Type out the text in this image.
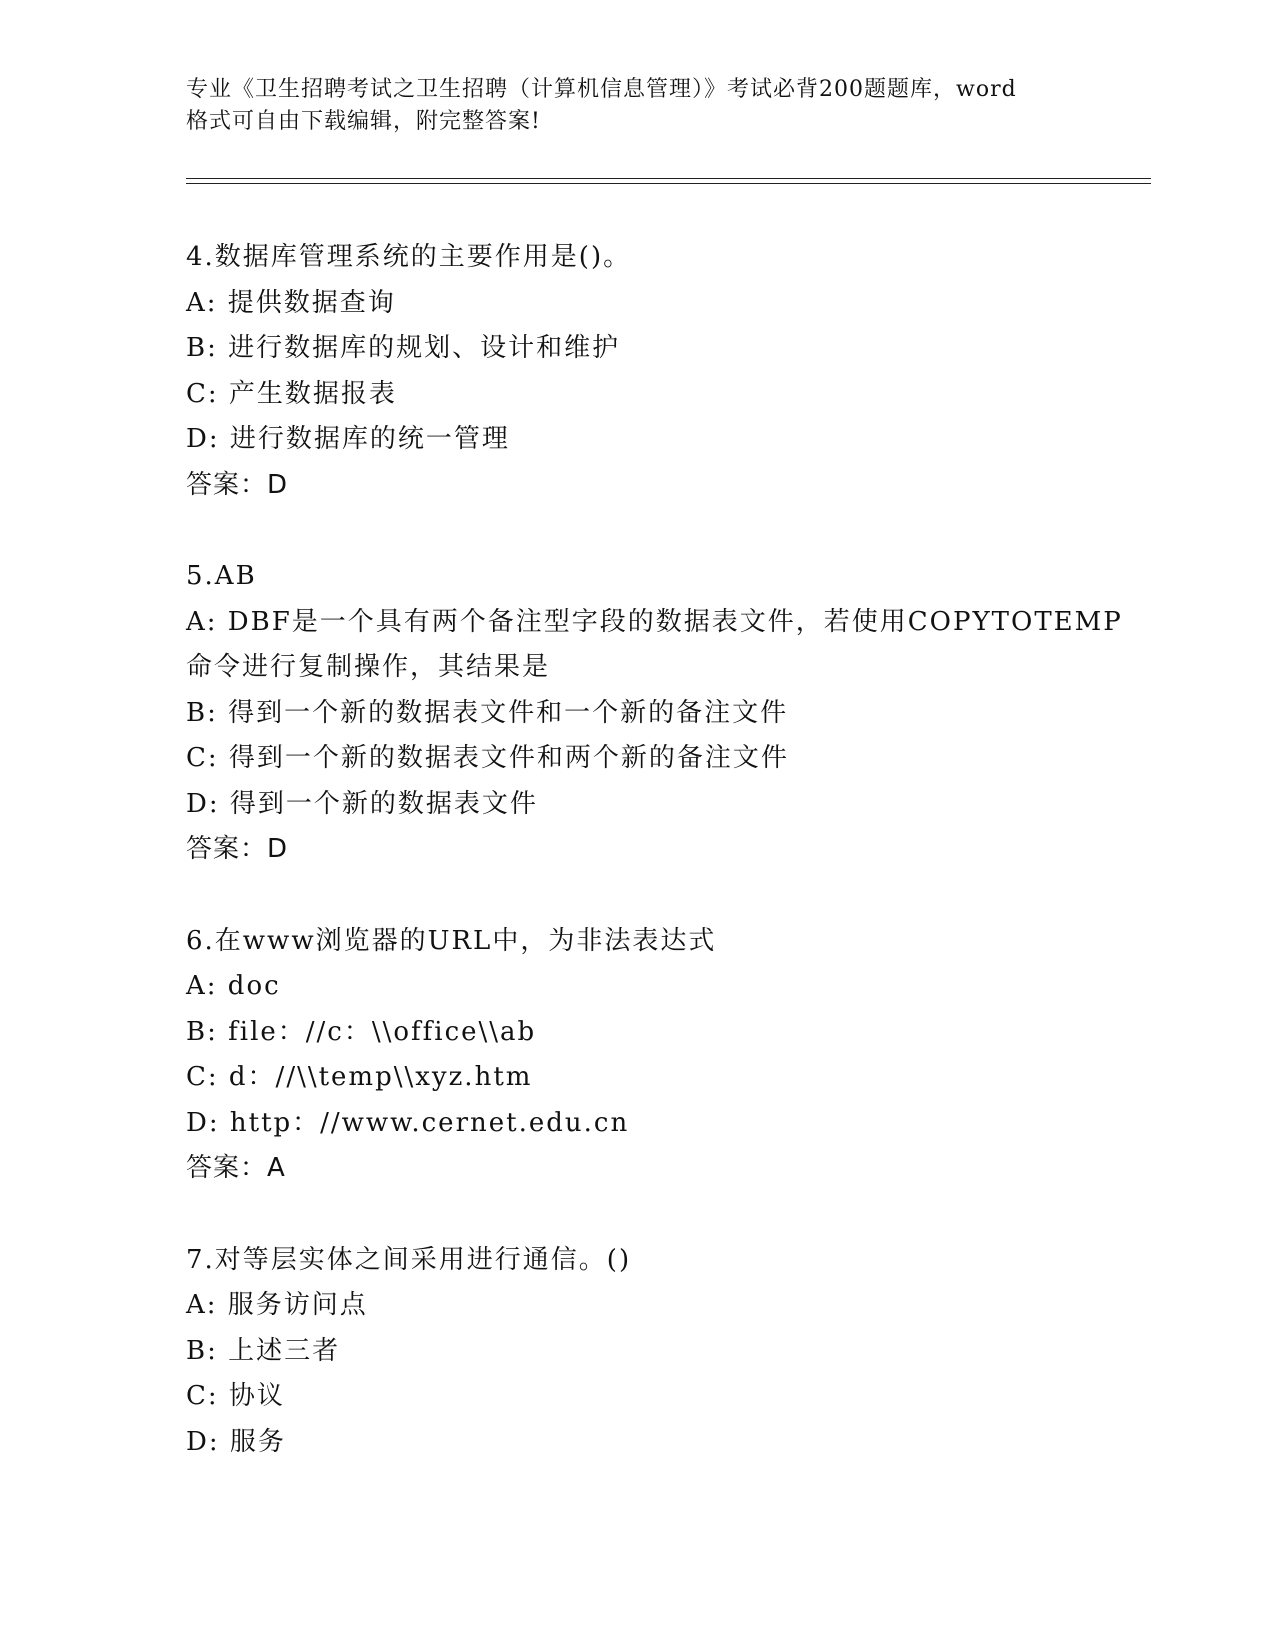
专业《卫生招聘考试之卫生招聘（计算机信息管理）》考试必背200题题库，word
格式可自由下载编辑，附完整答案!
4.数据库管理系统的主要作用是()。
A: 提供数据查询
B: 进行数据库的规划、设计和维护
C: 产生数据报表
D: 进行数据库的统一管理
答案：D
5.AB
A: DBF是一个具有两个备注型字段的数据表文件，若使用COPYTOTEMP
命令进行复制操作，其结果是
B: 得到一个新的数据表文件和一个新的备注文件
C: 得到一个新的数据表文件和两个新的备注文件
D: 得到一个新的数据表文件
答案：D
6.在www浏览器的URL中，为非法表达式
A: doc
B: file：//c：\\office\\ab
C: d：//\\temp\\xyz.htm
D: http：//www.cernet.edu.cn
答案：A
7.对等层实体之间采用进行通信。()
A: 服务访问点
B: 上述三者
C: 协议
D: 服务
